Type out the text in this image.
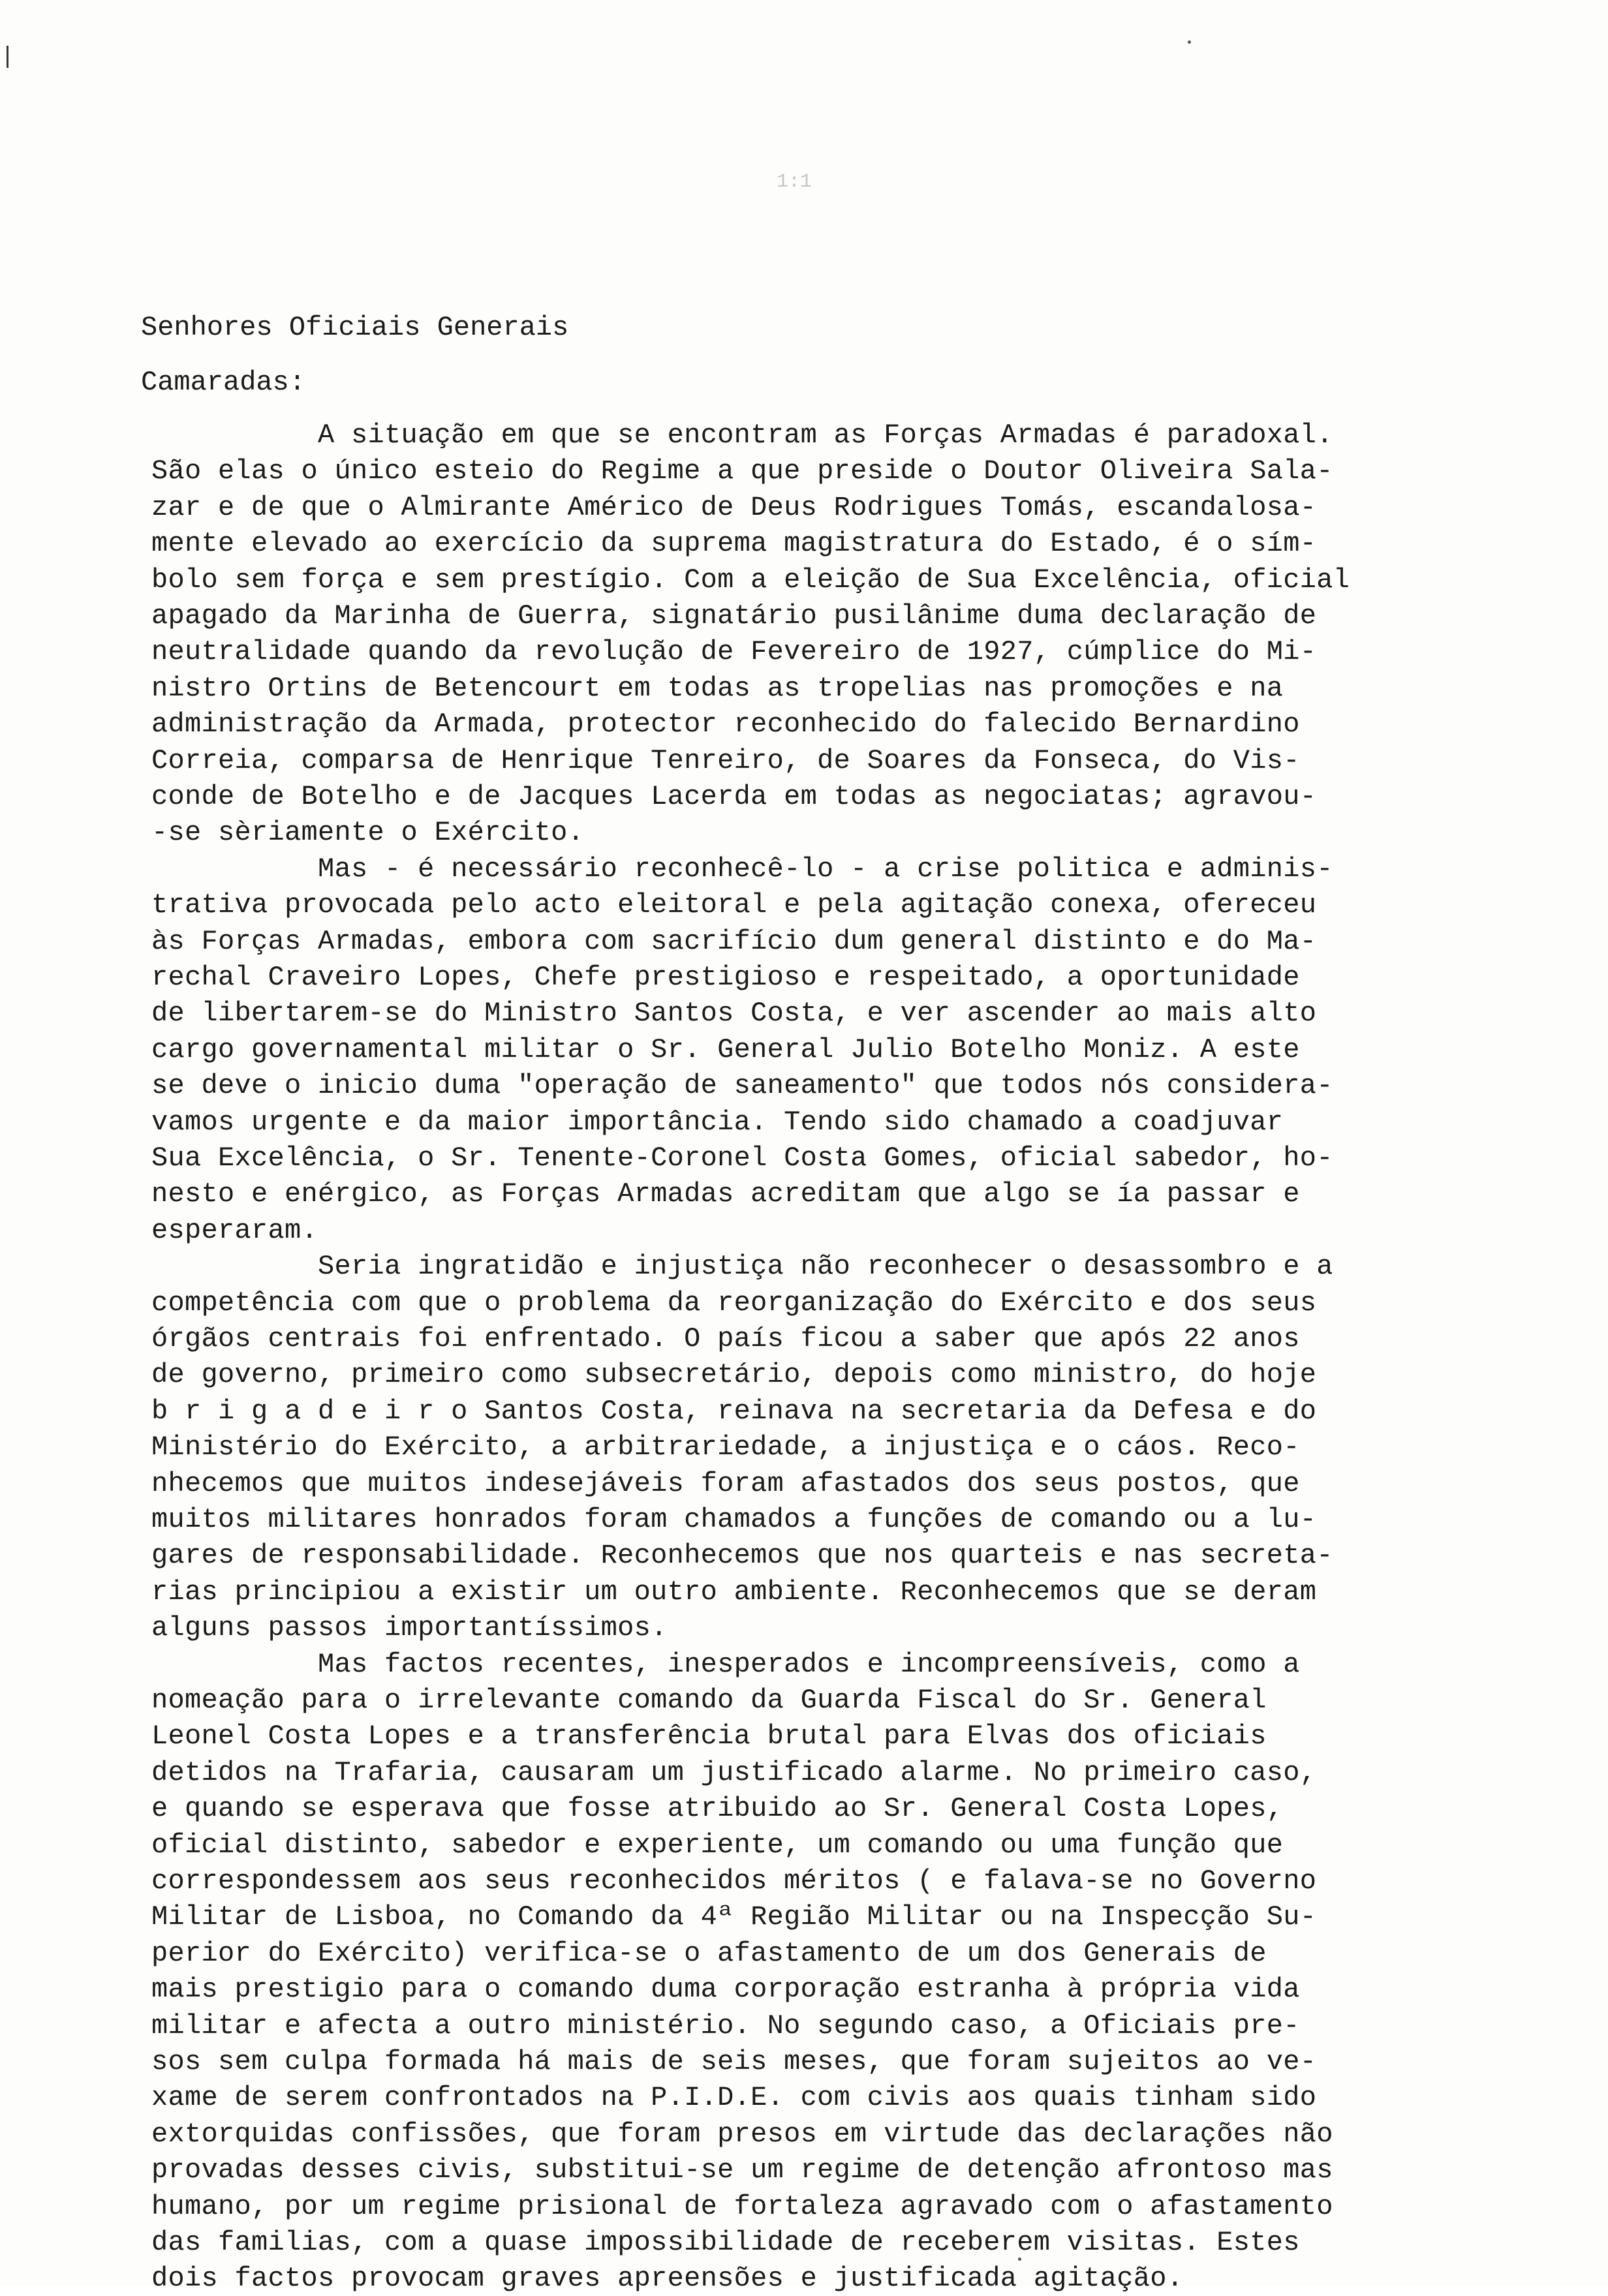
1:1
Senhores Oficiais Generais
Camaradas:
A situação em que se encontram as Forças Armadas é paradoxal.
São elas o único esteio do Regime a que preside o Doutor Oliveira Sala-
zar e de que o Almirante Américo de Deus Rodrigues Tomás, escandalosa-
mente elevado ao exercício da suprema magistratura do Estado, é o sím-
bolo sem força e sem prestígio. Com a eleição de Sua Excelência, oficial
apagado da Marinha de Guerra, signatário pusilânime duma declaração de
neutralidade quando da revolução de Fevereiro de 1927, cúmplice do Mi-
nistro Ortins de Betencourt em todas as tropelias nas promoções e na
administração da Armada, protector reconhecido do falecido Bernardino
Correia, comparsa de Henrique Tenreiro, de Soares da Fonseca, do Vis-
conde de Botelho e de Jacques Lacerda em todas as negociatas; agravou-
-se sèriamente o Exército.
Mas - é necessário reconhecê-lo - a crise politica e adminis-
trativa provocada pelo acto eleitoral e pela agitação conexa, ofereceu
às Forças Armadas, embora com sacrifício dum general distinto e do Ma-
rechal Craveiro Lopes, Chefe prestigioso e respeitado, a oportunidade
de libertarem-se do Ministro Santos Costa, e ver ascender ao mais alto
cargo governamental militar o Sr. General Julio Botelho Moniz. A este
se deve o inicio duma "operação de saneamento" que todos nós considera-
vamos urgente e da maior importância. Tendo sido chamado a coadjuvar
Sua Excelência, o Sr. Tenente-Coronel Costa Gomes, oficial sabedor, ho-
nesto e enérgico, as Forças Armadas acreditam que algo se ía passar e
esperaram.
Seria ingratidão e injustiça não reconhecer o desassombro e a
competência com que o problema da reorganização do Exército e dos seus
órgãos centrais foi enfrentado. O país ficou a saber que após 22 anos
de governo, primeiro como subsecretário, depois como ministro, do hoje
b r i g a d e i r o Santos Costa, reinava na secretaria da Defesa e do
Ministério do Exército, a arbitrariedade, a injustiça e o cáos. Reco-
nhecemos que muitos indesejáveis foram afastados dos seus postos, que
muitos militares honrados foram chamados a funções de comando ou a lu-
gares de responsabilidade. Reconhecemos que nos quarteis e nas secreta-
rias principiou a existir um outro ambiente. Reconhecemos que se deram
alguns passos importantíssimos.
Mas factos recentes, inesperados e incompreensíveis, como a
nomeação para o irrelevante comando da Guarda Fiscal do Sr. General
Leonel Costa Lopes e a transferência brutal para Elvas dos oficiais
detidos na Trafaria, causaram um justificado alarme. No primeiro caso,
e quando se esperava que fosse atribuido ao Sr. General Costa Lopes,
oficial distinto, sabedor e experiente, um comando ou uma função que
correspondessem aos seus reconhecidos méritos ( e falava-se no Governo
Militar de Lisboa, no Comando da 4ª Região Militar ou na Inspecção Su-
perior do Exército) verifica-se o afastamento de um dos Generais de
mais prestigio para o comando duma corporação estranha à própria vida
militar e afecta a outro ministério. No segundo caso, a Oficiais pre-
sos sem culpa formada há mais de seis meses, que foram sujeitos ao ve-
xame de serem confrontados na P.I.D.E. com civis aos quais tinham sido
extorquidas confissões, que foram presos em virtude das declarações não
provadas desses civis, substitui-se um regime de detenção afrontoso mas
humano, por um regime prisional de fortaleza agravado com o afastamento
das familias, com a quase impossibilidade de receberem visitas. Estes
dois factos provocam graves apreensões e justificada agitação.
